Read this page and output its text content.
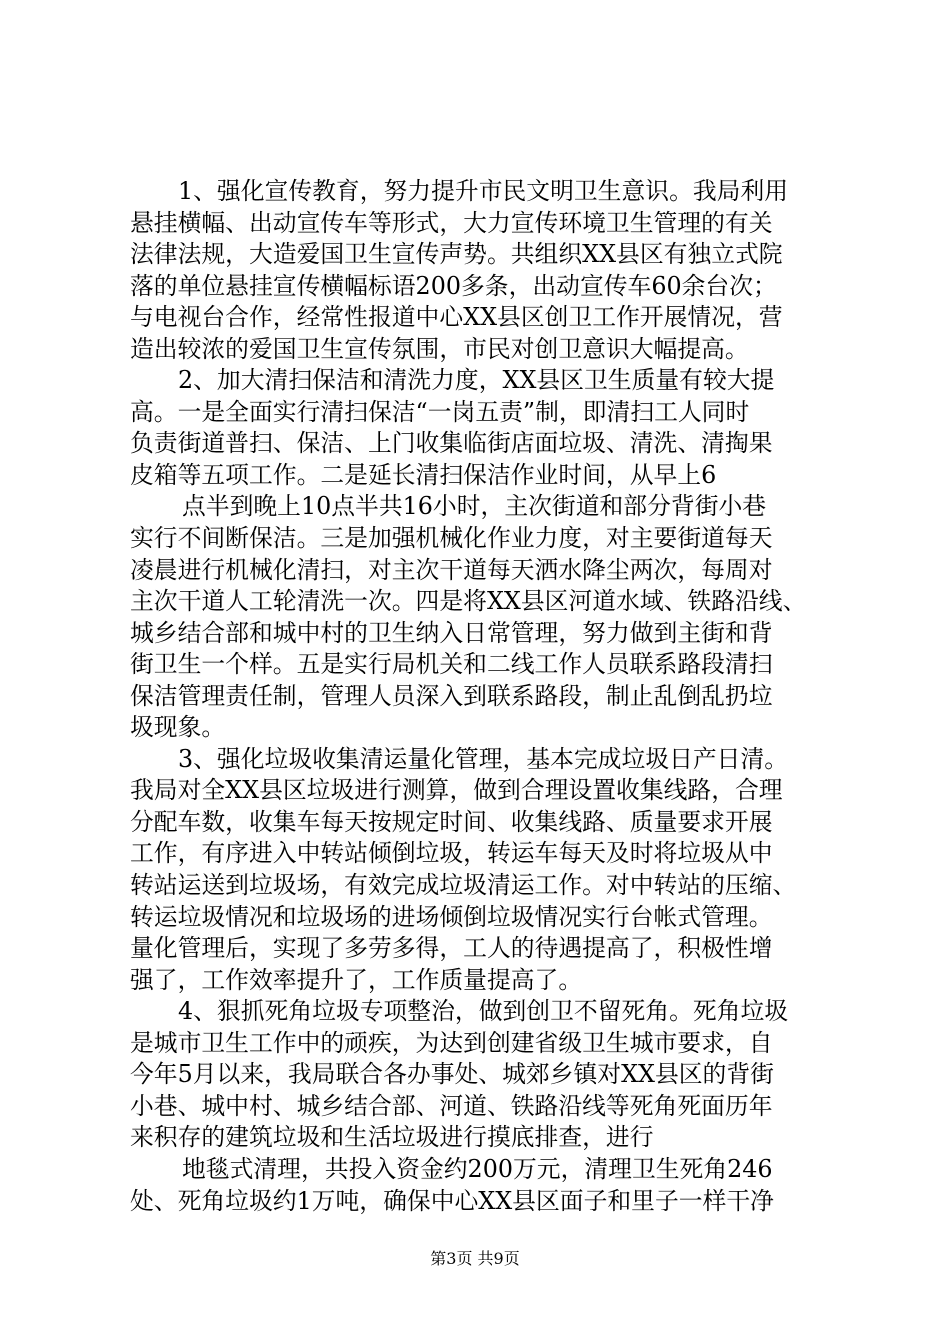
1、强化宣传教育，努力提升市民文明卫生意识。我局利用
悬挂横幅、出动宣传车等形式，大力宣传环境卫生管理的有关
法律法规，大造爱国卫生宣传声势。共组织XX县区有独立式院
落的单位悬挂宣传横幅标语200多条，出动宣传车60余台次；
与电视台合作，经常性报道中心XX县区创卫工作开展情况，营
造出较浓的爱国卫生宣传氛围，市民对创卫意识大幅提高。
2、加大清扫保洁和清洗力度，XX县区卫生质量有较大提
高。一是全面实行清扫保洁“一岗五责”制，即清扫工人同时
负责街道普扫、保洁、上门收集临街店面垃圾、清洗、清掏果
皮箱等五项工作。二是延长清扫保洁作业时间，从早上6
点半到晚上10点半共16小时，主次街道和部分背街小巷
实行不间断保洁。三是加强机械化作业力度，对主要街道每天
凌晨进行机械化清扫，对主次干道每天洒水降尘两次，每周对
主次干道人工轮清洗一次。四是将XX县区河道水域、铁路沿线、
城乡结合部和城中村的卫生纳入日常管理，努力做到主街和背
街卫生一个样。五是实行局机关和二线工作人员联系路段清扫
保洁管理责任制，管理人员深入到联系路段，制止乱倒乱扔垃
圾现象。
3、强化垃圾收集清运量化管理，基本完成垃圾日产日清。
我局对全XX县区垃圾进行测算，做到合理设置收集线路，合理
分配车数，收集车每天按规定时间、收集线路、质量要求开展
工作，有序进入中转站倾倒垃圾，转运车每天及时将垃圾从中
转站运送到垃圾场，有效完成垃圾清运工作。对中转站的压缩、
转运垃圾情况和垃圾场的进场倾倒垃圾情况实行台帐式管理。
量化管理后，实现了多劳多得，工人的待遇提高了，积极性增
强了，工作效率提升了，工作质量提高了。
4、狠抓死角垃圾专项整治，做到创卫不留死角。死角垃圾
是城市卫生工作中的顽疾，为达到创建省级卫生城市要求，自
今年5月以来，我局联合各办事处、城郊乡镇对XX县区的背街
小巷、城中村、城乡结合部、河道、铁路沿线等死角死面历年
来积存的建筑垃圾和生活垃圾进行摸底排查，进行
地毯式清理，共投入资金约200万元，清理卫生死角246
处、死角垃圾约1万吨，确保中心XX县区面子和里子一样干净
第3页 共9页
